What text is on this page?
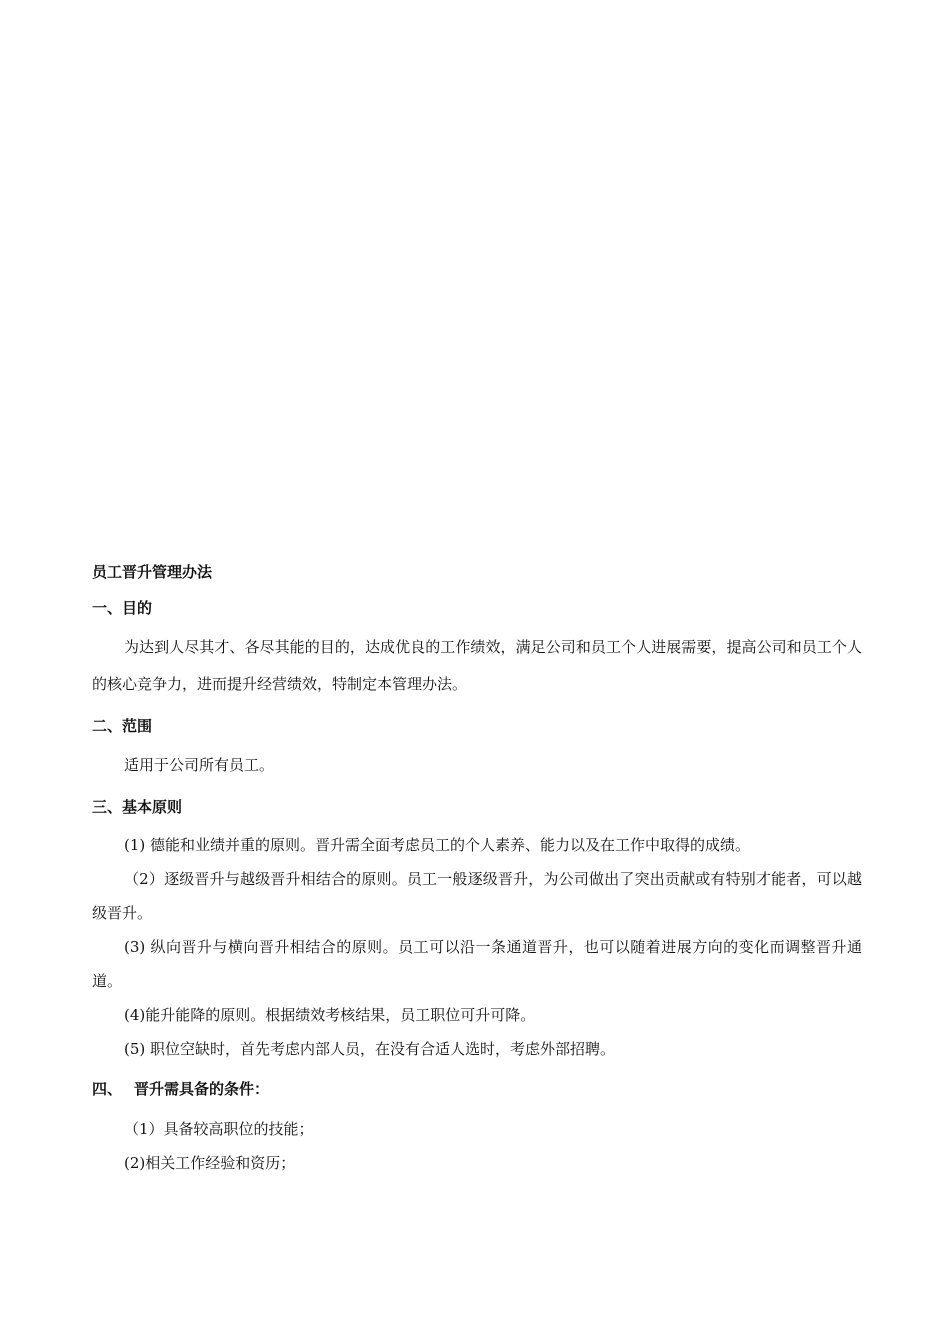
员工晋升管理办法

一、目的

为达到人尽其才、各尽其能的目的，达成优良的工作绩效，满足公司和员工个人进展需要，提高公司和员工个人的核心竞争力，进而提升经营绩效，特制定本管理办法。

二、范围

适用于公司所有员工。

三、基本原则

(1) 德能和业绩并重的原则。晋升需全面考虑员工的个人素养、能力以及在工作中取得的成绩。

（2）逐级晋升与越级晋升相结合的原则。员工一般逐级晋升，为公司做出了突出贡献或有特别才能者，可以越级晋升。

(3) 纵向晋升与横向晋升相结合的原则。员工可以沿一条通道晋升，也可以随着进展方向的变化而调整晋升通道。

(4)能升能降的原则。根据绩效考核结果，员工职位可升可降。

(5) 职位空缺时，首先考虑内部人员，在没有合适人选时，考虑外部招聘。

四、 晋升需具备的条件：

（1）具备较高职位的技能；

(2)相关工作经验和资历；
